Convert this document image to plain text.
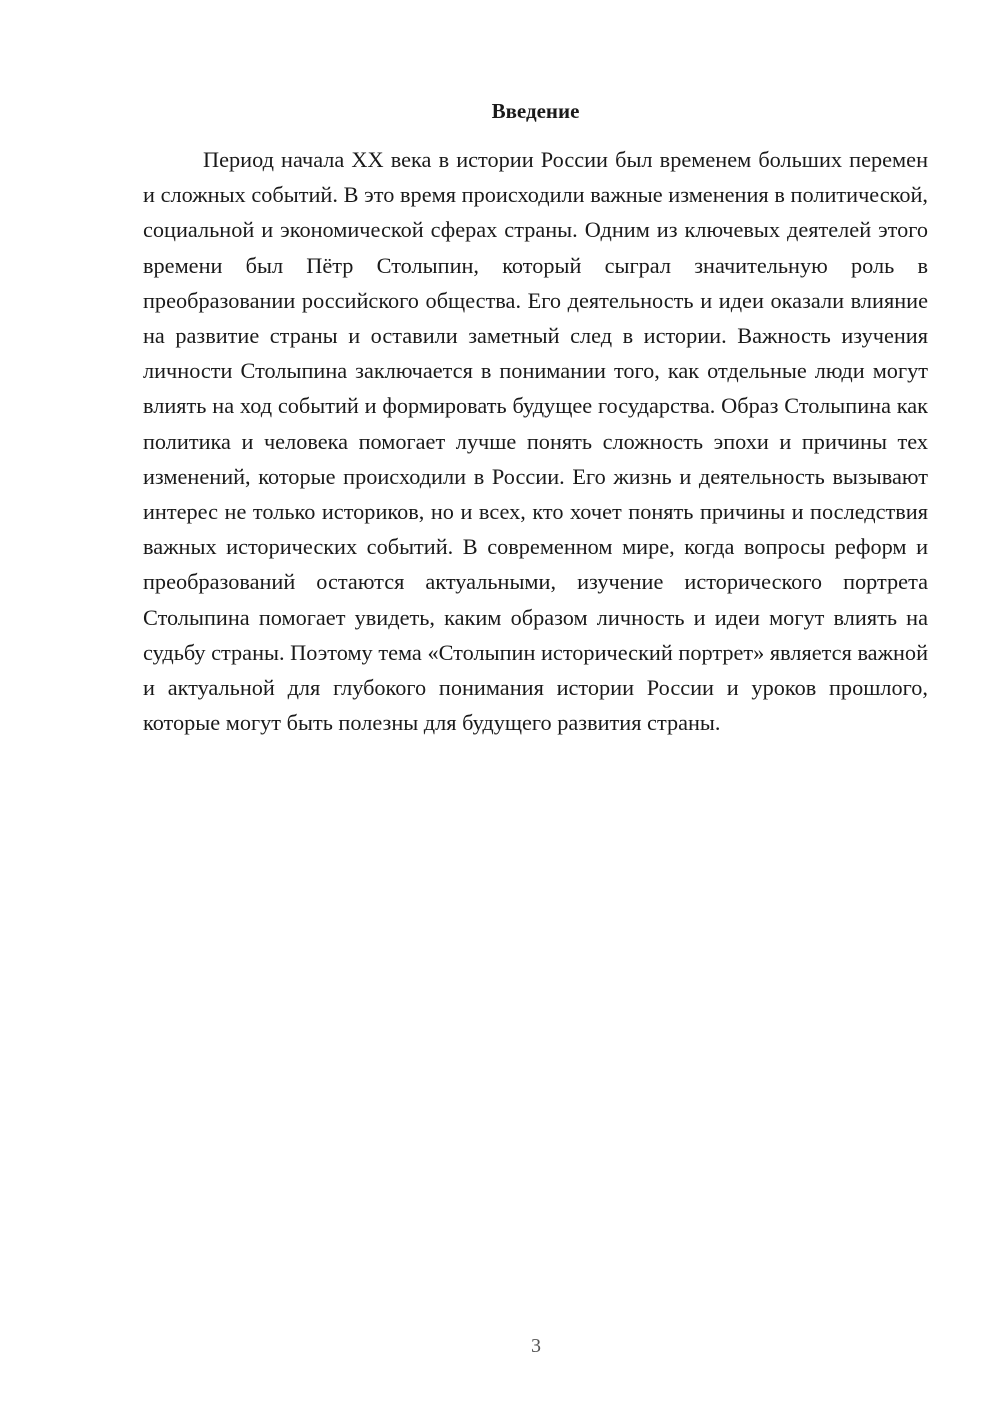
Введение

Период начала XX века в истории России был временем больших перемен и сложных событий. В это время происходили важные изменения в политической, социальной и экономической сферах страны. Одним из ключевых деятелей этого времени был Пётр Столыпин, который сыграл значительную роль в преобразовании российского общества. Его деятельность и идеи оказали влияние на развитие страны и оставили заметный след в истории. Важность изучения личности Столыпина заключается в понимании того, как отдельные люди могут влиять на ход событий и формировать будущее государства. Образ Столыпина как политика и человека помогает лучше понять сложность эпохи и причины тех изменений, которые происходили в России. Его жизнь и деятельность вызывают интерес не только историков, но и всех, кто хочет понять причины и последствия важных исторических событий. В современном мире, когда вопросы реформ и преобразований остаются актуальными, изучение исторического портрета Столыпина помогает увидеть, каким образом личность и идеи могут влиять на судьбу страны. Поэтому тема «Столыпин исторический портрет» является важной и актуальной для глубокого понимания истории России и уроков прошлого, которые могут быть полезны для будущего развития страны.

3
